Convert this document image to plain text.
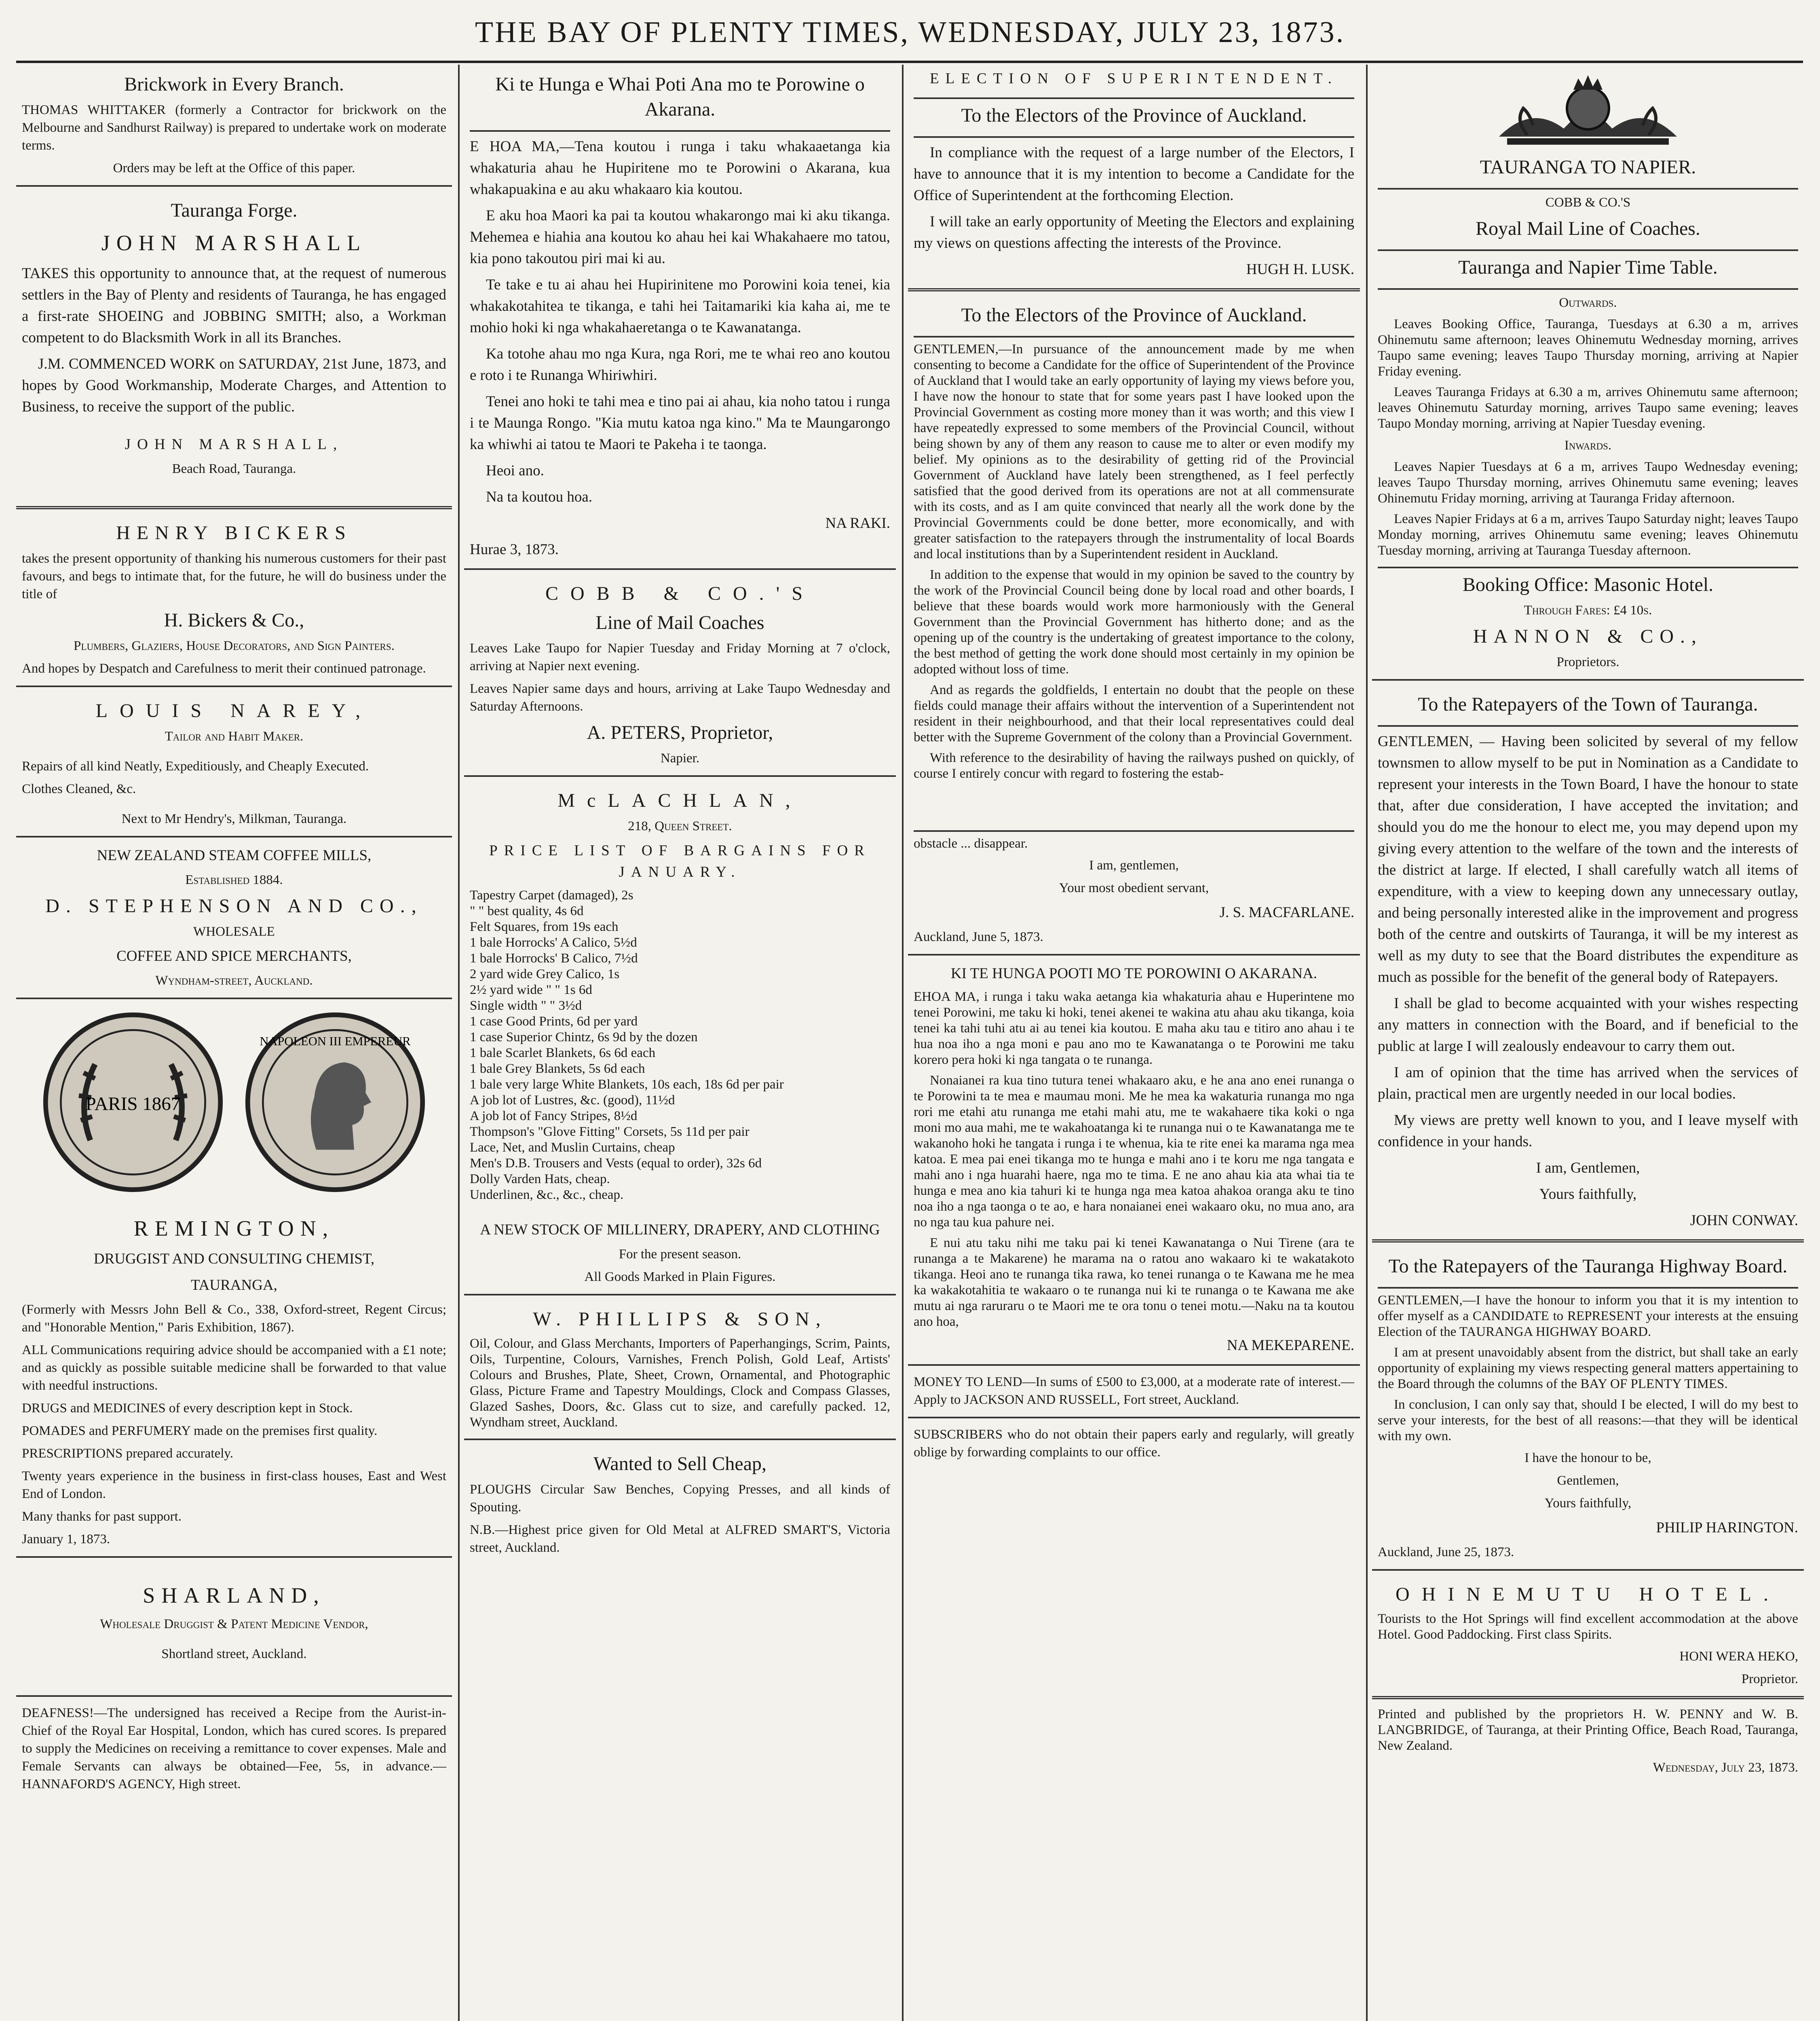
THE BAY OF PLENTY TIMES, WEDNESDAY, JULY 23, 1873.
Brickwork in Every Branch.

THOMAS WHITTAKER (formerly a Contractor for brickwork on the Melbourne and Sandhurst Railway) is prepared to undertake work on moderate terms.

Orders may be left at the Office of this paper.

Tauranga Forge.
JOHN MARSHALL

TAKES this opportunity to announce that, at the request of numerous settlers in the Bay of Plenty and residents of Tauranga, he has engaged a first-rate SHOEING and JOBBING SMITH; also, a Workman competent to do Blacksmith Work in all its Branches.

J.M. COMMENCED WORK on SATURDAY, 21st June, 1873, and hopes by Good Workmanship, Moderate Charges, and Attention to Business, to receive the support of the public.

JOHN MARSHALL,

Beach Road, Tauranga.

HENRY BICKERS

takes the present opportunity of thanking his numerous customers for their past favours, and begs to intimate that, for the future, he will do business under the title of

H. Bickers & Co.,

Plumbers, Glaziers, House Decorators, and Sign Painters.

And hopes by Despatch and Carefulness to merit their continued patronage.

LOUIS NAREY,

Tailor and Habit Maker.

Repairs of all kind Neatly, Expeditiously, and Cheaply Executed.

Clothes Cleaned, &c.

Next to Mr Hendry's, Milkman, Tauranga.

NEW ZEALAND STEAM COFFEE MILLS,

Established 1884.

D. STEPHENSON AND CO.,

WHOLESALE

COFFEE AND SPICE MERCHANTS,

Wyndham-street, Auckland.

PARIS 1867
NAPOLEON III EMPEREUR
REMINGTON,

DRUGGIST AND CONSULTING CHEMIST,

TAURANGA,

(Formerly with Messrs John Bell & Co., 338, Oxford-street, Regent Circus; and "Honorable Mention," Paris Exhibition, 1867).

ALL Communications requiring advice should be accompanied with a £1 note; and as quickly as possible suitable medicine shall be forwarded to that value with needful instructions.

DRUGS and MEDICINES of every description kept in Stock.

POMADES and PERFUMERY made on the premises first quality.

PRESCRIPTIONS prepared accurately.

Twenty years experience in the business in first-class houses, East and West End of London.

Many thanks for past support.

January 1, 1873.

SHARLAND,

Wholesale Druggist & Patent Medicine Vendor,

Shortland street, Auckland.

DEAFNESS!—The undersigned has received a Recipe from the Aurist-in-Chief of the Royal Ear Hospital, London, which has cured scores. Is prepared to supply the Medicines on receiving a remittance to cover expenses. Male and Female Servants can always be obtained—Fee, 5s, in advance.—HANNAFORD'S AGENCY, High street.

Ki te Hunga e Whai Poti Ana mo te Porowine o Akarana.

E HOA MA,—Tena koutou i runga i taku whakaaetanga kia whakaturia ahau he Hupiritene mo te Porowini o Akarana, kua whakapuakina e au aku whakaaro kia koutou.

E aku hoa Maori ka pai ta koutou whakarongo mai ki aku tikanga. Mehemea e hiahia ana koutou ko ahau hei kai Whakahaere mo tatou, kia pono takoutou piri mai ki au.

Te take e tu ai ahau hei Hupirinitene mo Porowini koia tenei, kia whakakotahitea te tikanga, e tahi hei Taitamariki kia kaha ai, me te mohio hoki ki nga whakahaeretanga o te Kawanatanga.

Ka totohe ahau mo nga Kura, nga Rori, me te whai reo ano koutou e roto i te Runanga Whiriwhiri.

Tenei ano hoki te tahi mea e tino pai ai ahau, kia noho tatou i runga i te Maunga Rongo. "Kia mutu katoa nga kino." Ma te Maungarongo ka whiwhi ai tatou te Maori te Pakeha i te taonga.

Heoi ano.

Na ta koutou hoa.

NA RAKI.

Hurae 3, 1873.

COBB & CO.'S
Line of Mail Coaches

Leaves Lake Taupo for Napier Tuesday and Friday Morning at 7 o'clock, arriving at Napier next evening.

Leaves Napier same days and hours, arriving at Lake Taupo Wednesday and Saturday Afternoons.

A. PETERS, Proprietor,

Napier.

McLACHLAN,

218, Queen Street.

PRICE LIST OF BARGAINS FOR JANUARY.

Tapestry Carpet (damaged), 2s
" " best quality, 4s 6d
Felt Squares, from 19s each
1 bale Horrocks' A Calico, 5½d
1 bale Horrocks' B Calico, 7½d
2 yard wide Grey Calico, 1s
2½ yard wide " " 1s 6d
Single width " " 3½d
1 case Good Prints, 6d per yard
1 case Superior Chintz, 6s 9d by the dozen
1 bale Scarlet Blankets, 6s 6d each
1 bale Grey Blankets, 5s 6d each
1 bale very large White Blankets, 10s each, 18s 6d per pair
A job lot of Lustres, &c. (good), 11½d
A job lot of Fancy Stripes, 8½d
Thompson's "Glove Fitting" Corsets, 5s 11d per pair
Lace, Net, and Muslin Curtains, cheap
Men's D.B. Trousers and Vests (equal to order), 32s 6d
Dolly Varden Hats, cheap.
Underlinen, &c., &c., cheap.

A NEW STOCK OF MILLINERY, DRAPERY, AND CLOTHING

For the present season.

All Goods Marked in Plain Figures.

W. PHILLIPS & SON,

Oil, Colour, and Glass Merchants, Importers of Paperhangings, Scrim, Paints, Oils, Turpentine, Colours, Varnishes, French Polish, Gold Leaf, Artists' Colours and Brushes, Plate, Sheet, Crown, Ornamental, and Photographic Glass, Picture Frame and Tapestry Mouldings, Clock and Compass Glasses, Glazed Sashes, Doors, &c. Glass cut to size, and carefully packed. 12, Wyndham street, Auckland.

Wanted to Sell Cheap,

PLOUGHS Circular Saw Benches, Copying Presses, and all kinds of Spouting.

N.B.—Highest price given for Old Metal at ALFRED SMART'S, Victoria street, Auckland.

ELECTION OF SUPERINTENDENT.

To the Electors of the Province of Auckland.

In compliance with the request of a large number of the Electors, I have to announce that it is my intention to become a Candidate for the Office of Superintendent at the forthcoming Election.

I will take an early opportunity of Meeting the Electors and explaining my views on questions affecting the interests of the Province.

HUGH H. LUSK.

To the Electors of the Province of Auckland.

GENTLEMEN,—In pursuance of the announcement made by me when consenting to become a Candidate for the office of Superintendent of the Province of Auckland that I would take an early opportunity of laying my views before you, I have now the honour to state that for some years past I have looked upon the Provincial Government as costing more money than it was worth; and this view I have repeatedly expressed to some members of the Provincial Council, without being shown by any of them any reason to cause me to alter or even modify my belief. My opinions as to the desirability of getting rid of the Provincial Government of Auckland have lately been strengthened, as I feel perfectly satisfied that the good derived from its operations are not at all commensurate with its costs, and as I am quite convinced that nearly all the work done by the Provincial Governments could be done better, more economically, and with greater satisfaction to the ratepayers through the instrumentality of local Boards and local institutions than by a Superintendent resident in Auckland.

In addition to the expense that would in my opinion be saved to the country by the work of the Provincial Council being done by local road and other boards, I believe that these boards would work more harmoniously with the General Government than the Provincial Government has hitherto done; and as the opening up of the country is the undertaking of greatest importance to the colony, the best method of getting the work done should most certainly in my opinion be adopted without loss of time.

And as regards the goldfields, I entertain no doubt that the people on these fields could manage their affairs without the intervention of a Superintendent not resident in their neighbourhood, and that their local representatives could deal better with the Supreme Government of the colony than a Provincial Government.

With reference to the desirability of having the railways pushed on quickly, of course I entirely concur with regard to fostering the estab-

obstacle ... disappear.

I am, gentlemen,

Your most obedient servant,

J. S. MACFARLANE.

Auckland, June 5, 1873.

KI TE HUNGA POOTI MO TE POROWINI O AKARANA.

EHOA MA, i runga i taku waka aetanga kia whakaturia ahau e Huperintene mo tenei Porowini, me taku ki hoki, tenei akenei te wakina atu ahau aku tikanga, koia tenei ka tahi tuhi atu ai au tenei kia koutou. E maha aku tau e titiro ano ahau i te hua noa iho a nga moni e pau ano mo te Kawanatanga o te Porowini me taku korero pera hoki ki nga tangata o te runanga.

Nonaianei ra kua tino tutura tenei whakaaro aku, e he ana ano enei runanga o te Porowini ta te mea e maumau moni. Me he mea ka wakaturia runanga mo nga rori me etahi atu runanga me etahi mahi atu, me te wakahaere tika koki o nga moni mo aua mahi, me te wakahoatanga ki te runanga nui o te Kawanatanga me te wakanoho hoki he tangata i runga i te whenua, kia te rite enei ka marama nga mea katoa. E mea pai enei tikanga mo te hunga e mahi ano i te koru me nga tangata e mahi ano i nga huarahi haere, nga mo te tima. E ne ano ahau kia ata whai tia te hunga e mea ano kia tahuri ki te hunga nga mea katoa ahakoa oranga aku te tino noa iho a nga taonga o te ao, e hara nonaianei enei wakaaro oku, no mua ano, ara no nga tau kua pahure nei.

E nui atu taku nihi me taku pai ki tenei Kawanatanga o Nui Tirene (ara te runanga a te Makarene) he marama na o ratou ano wakaaro ki te wakatakoto tikanga. Heoi ano te runanga tika rawa, ko tenei runanga o te Kawana me he mea ka wakakotahitia te wakaaro o te runanga nui ki te runanga o te Kawana me ake mutu ai nga raruraru o te Maori me te ora tonu o tenei motu.—Naku na ta koutou ano hoa,

NA MEKEPARENE.

MONEY TO LEND—In sums of £500 to £3,000, at a moderate rate of interest.—Apply to JACKSON AND RUSSELL, Fort street, Auckland.

SUBSCRIBERS who do not obtain their papers early and regularly, will greatly oblige by forwarding complaints to our office.

TAURANGA TO NAPIER.

COBB & CO.'S

Royal Mail Line of Coaches.
Tauranga and Napier Time Table.

Outwards.

Leaves Booking Office, Tauranga, Tuesdays at 6.30 a m, arrives Ohinemutu same afternoon; leaves Ohinemutu Wednesday morning, arrives Taupo same evening; leaves Taupo Thursday morning, arriving at Napier Friday evening.

Leaves Tauranga Fridays at 6.30 a m, arrives Ohinemutu same afternoon; leaves Ohinemutu Saturday morning, arrives Taupo same evening; leaves Taupo Monday morning, arriving at Napier Tuesday evening.

Inwards.

Leaves Napier Tuesdays at 6 a m, arrives Taupo Wednesday evening; leaves Taupo Thursday morning, arrives Ohinemutu same evening; leaves Ohinemutu Friday morning, arriving at Tauranga Friday afternoon.

Leaves Napier Fridays at 6 a m, arrives Taupo Saturday night; leaves Taupo Monday morning, arrives Ohinemutu same evening; leaves Ohinemutu Tuesday morning, arriving at Tauranga Tuesday afternoon.

Booking Office: Masonic Hotel.

Through Fares: £4 10s.

HANNON & CO.,

Proprietors.

To the Ratepayers of the Town of Tauranga.

GENTLEMEN, — Having been solicited by several of my fellow townsmen to allow myself to be put in Nomination as a Candidate to represent your interests in the Town Board, I have the honour to state that, after due consideration, I have accepted the invitation; and should you do me the honour to elect me, you may depend upon my giving every attention to the welfare of the town and the interests of the district at large. If elected, I shall carefully watch all items of expenditure, with a view to keeping down any unnecessary outlay, and being personally interested alike in the improvement and progress both of the centre and outskirts of Tauranga, it will be my interest as well as my duty to see that the Board distributes the expenditure as much as possible for the benefit of the general body of Ratepayers.

I shall be glad to become acquainted with your wishes respecting any matters in connection with the Board, and if beneficial to the public at large I will zealously endeavour to carry them out.

I am of opinion that the time has arrived when the services of plain, practical men are urgently needed in our local bodies.

My views are pretty well known to you, and I leave myself with confidence in your hands.

I am, Gentlemen,

Yours faithfully,

JOHN CONWAY.

To the Ratepayers of the Tauranga Highway Board.

GENTLEMEN,—I have the honour to inform you that it is my intention to offer myself as a CANDIDATE to REPRESENT your interests at the ensuing Election of the TAURANGA HIGHWAY BOARD.

I am at present unavoidably absent from the district, but shall take an early opportunity of explaining my views respecting general matters appertaining to the Board through the columns of the BAY OF PLENTY TIMES.

In conclusion, I can only say that, should I be elected, I will do my best to serve your interests, for the best of all reasons:—that they will be identical with my own.

I have the honour to be,

Gentlemen,

Yours faithfully,

PHILIP HARINGTON.

Auckland, June 25, 1873.

OHINEMUTU HOTEL.

Tourists to the Hot Springs will find excellent accommodation at the above Hotel. Good Paddocking. First class Spirits.

HONI WERA HEKO,

Proprietor.

Printed and published by the proprietors H. W. PENNY and W. B. LANGBRIDGE, of Tauranga, at their Printing Office, Beach Road, Tauranga, New Zealand.

Wednesday, July 23, 1873.
